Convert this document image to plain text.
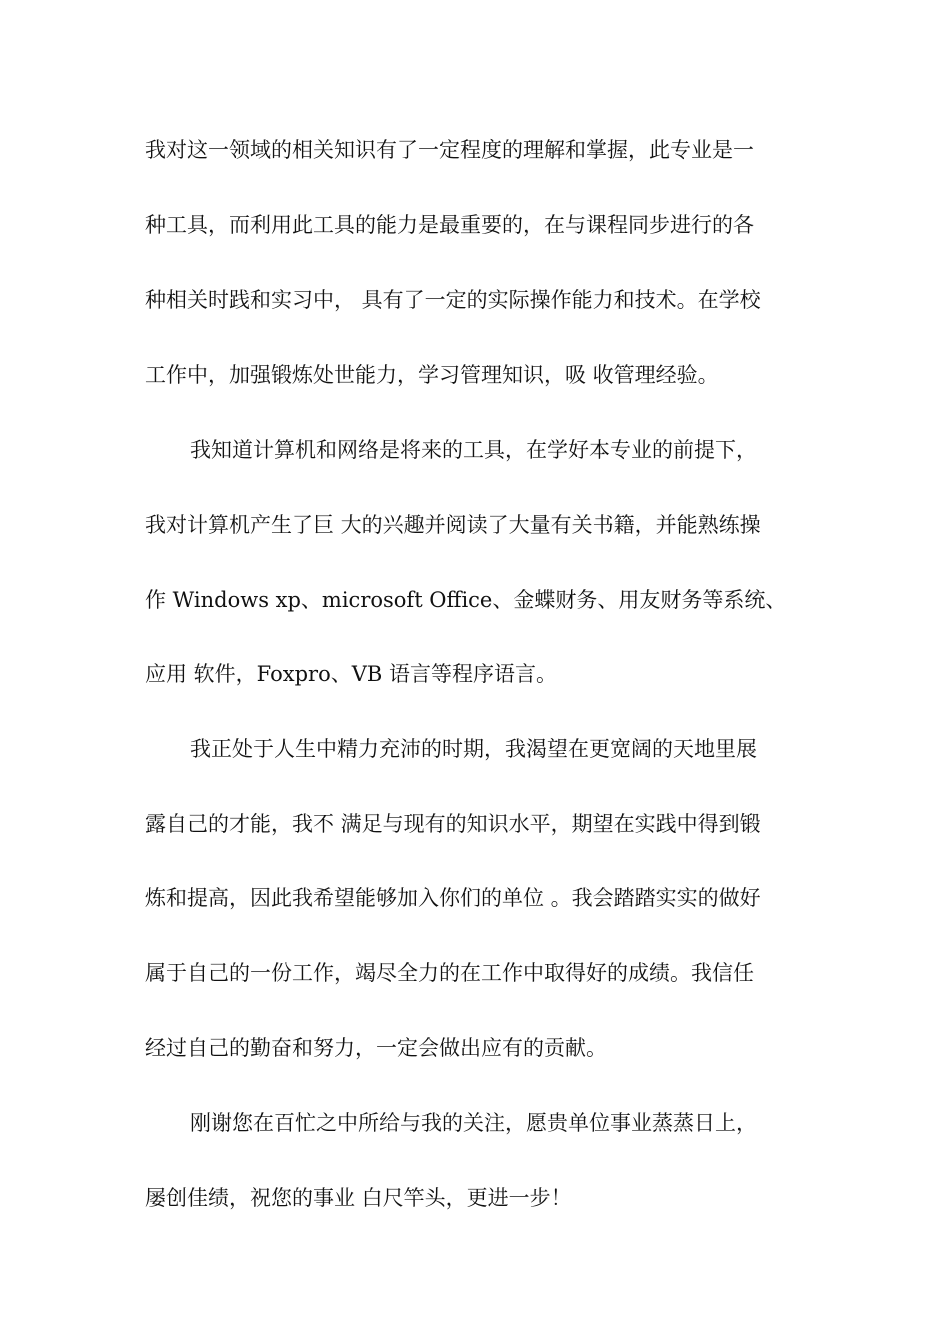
我对这一领域的相关知识有了一定程度的理解和掌握，此专业是一
种工具，而利用此工具的能力是最重要的，在与课程同步进行的各
种相关时践和实习中， 具有了一定的实际操作能力和技术。在学校
工作中，加强锻炼处世能力，学习管理知识，吸 收管理经验。
我知道计算机和网络是将来的工具，在学好本专业的前提下，
我对计算机产生了巨 大的兴趣并阅读了大量有关书籍，并能熟练操
作 Windows xp、microsoft Office、金蝶财务、用友财务等系统、
应用 软件，Foxpro、VB 语言等程序语言。
我正处于人生中精力充沛的时期，我渴望在更宽阔的天地里展
露自己的才能，我不 满足与现有的知识水平，期望在实践中得到锻
炼和提高，因此我希望能够加入你们的单位 。我会踏踏实实的做好
属于自己的一份工作，竭尽全力的在工作中取得好的成绩。我信任
经过自己的勤奋和努力，一定会做出应有的贡献。
刚谢您在百忙之中所给与我的关注，愿贵单位事业蒸蒸日上，
屡创佳绩，祝您的事业 白尺竿头，更进一步！
